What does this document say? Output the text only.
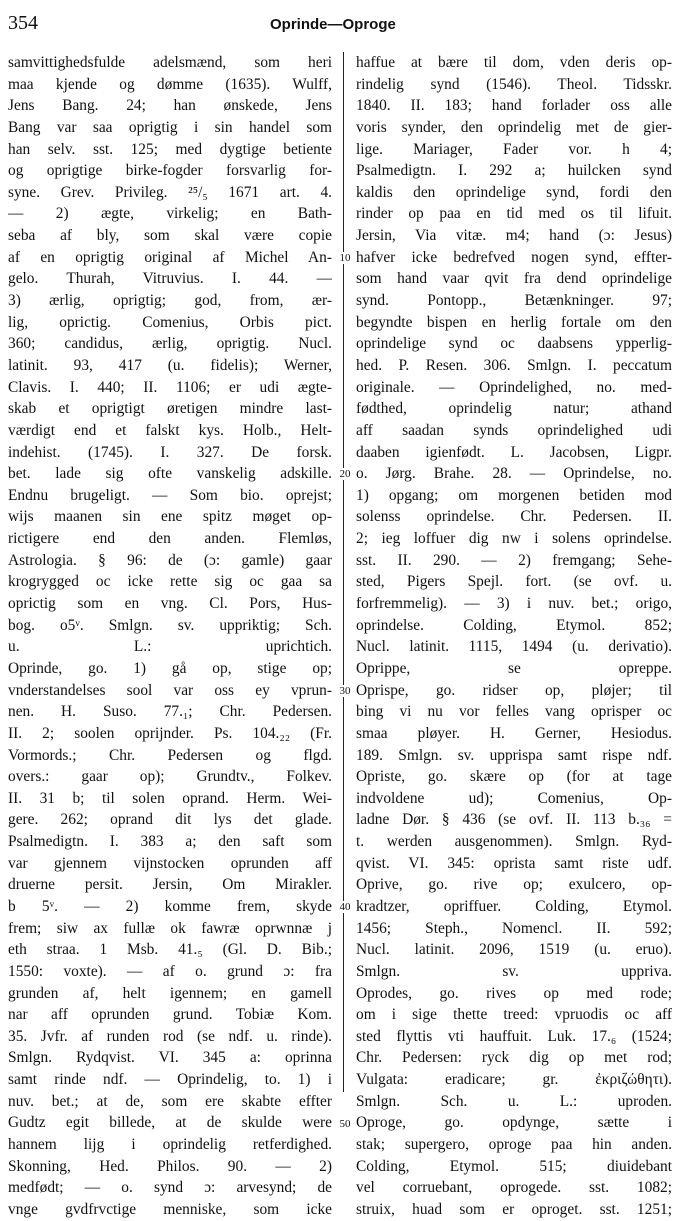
354	Oprinde—Oproge
samvittighedsfulde adelsmænd, som heri
maa kjende og dømme (1635). Wulff,
Jens Bang. 24; han ønskede, Jens
Bang var saa oprigtig i sin handel som
han selv. sst. 125; med dygtige betiente
og oprigtige birke-fogder forsvarlig for-
syne. Grev. Privileg. ²⁵/₅ 1671 art. 4.
— 2) ægte, virkelig; en Bath-
seba af bly, som skal være copie
af en oprigtig original af Michel An-
gelo. Thurah, Vitruvius. I. 44. —
3) ærlig, oprigtig; god, from, ær-
lig, oprictig. Comenius, Orbis pict.
360; candidus, ærlig, oprigtig. Nucl.
latinit. 93, 417 (u. fidelis); Werner,
Clavis. I. 440; II. 1106; er udi ægte-
skab et oprigtigt øretigen mindre last-
værdigt end et falskt kys. Holb., Helt-
indehist. (1745). I. 327. De forsk.
bet. lade sig ofte vanskelig adskille.
Endnu brugeligt. — Som bio. oprejst;
wijs maanen sin ene spitz møget op-
rictigere end den anden. Flemløs,
Astrologia. § 96: de (ɔ: gamle) gaar
krogrygged oc icke rette sig oc gaa sa
oprictig som en vng. Cl. Pors, Hus-
bog. o5ᵛ. Smlgn. sv. uppriktig; Sch.
u. L.: uprichtich.
Oprinde, go. 1) gå op, stige op;
vnderstandelses sool var oss ey vprun-
nen. H. Suso. 77.₁; Chr. Pedersen.
II. 2; soolen oprijnder. Ps. 104.₂₂ (Fr.
Vormords.; Chr. Pedersen og flgd.
overs.: gaar op); Grundtv., Folkev.
II. 31 b; til solen oprand. Herm. Wei-
gere. 262; oprand dit lys det glade.
Psalmedigtn. I. 383 a; den saft som
var gjennem vijnstocken oprunden aff
druerne persit. Jersin, Om Mirakler.
b 5ᵛ. — 2) komme frem, skyde
frem; siw ax fullæ ok fawræ oprwnnæ j
eth straa. 1 Msb. 41.₅ (Gl. D. Bib.;
1550: voxte). — af o. grund ɔ: fra
grunden af, helt igennem; en gamell
nar aff oprunden grund. Tobiæ Kom.
35. Jvfr. af runden rod (se ndf. u. rinde).
Smlgn. Rydqvist. VI. 345 a: oprinna
samt rinde ndf. — Oprindelig, to. 1) i
nuv. bet.; at de, som ere skabte effter
Gudtz egit billede, at de skulde were
hannem lijg i oprindelig retferdighed.
Skonning, Hed. Philos. 90. — 2)
medfødt; — o. synd ɔ: arvesynd; de
vnge gvdfrvctige menniske, som icke
10
20
30
40
50
haffue at bære til dom, vden deris op-
rindelig synd (1546). Theol. Tidsskr.
1840. II. 183; hand forlader oss alle
voris synder, den oprindelig met de gier-
lige. Mariager, Fader vor. h 4;
Psalmedigtn. I. 292 a; huilcken synd
kaldis den oprindelige synd, fordi den
rinder op paa en tid med os til lifuit.
Jersin, Via vitæ. m4; hand (ɔ: Jesus)
hafver icke bedrefved nogen synd, effter-
som hand vaar qvit fra dend oprindelige
synd. Pontopp., Betænkninger. 97;
begyndte bispen en herlig fortale om den
oprindelige synd oc daabsens ypperlig-
hed. P. Resen. 306. Smlgn. I. peccatum
originale. — Oprindelighed, no. med-
fødthed, oprindelig natur; athand
aff saadan synds oprindelighed udi
daaben igienfødt. L. Jacobsen, Ligpr.
o. Jørg. Brahe. 28. — Oprindelse, no.
1) opgang; om morgenen betiden mod
solenss oprindelse. Chr. Pedersen. II.
2; ieg loffuer dig nw i solens oprindelse.
sst. II. 290. — 2) fremgang; Sehe-
sted, Pigers Spejl. fort. (se ovf. u.
forfremmelig). — 3) i nuv. bet.; origo,
oprindelse. Colding, Etymol. 852;
Nucl. latinit. 1115, 1494 (u. derivatio).
Oprippe, se opreppe.
Oprispe, go. ridser op, pløjer; til
bing vi nu vor felles vang oprisper oc
smaa pløyer. H. Gerner, Hesiodus.
189. Smlgn. sv. upprispa samt rispe ndf.
Opriste, go. skære op (for at tage
indvoldene ud); Comenius, Op-
ladne Dør. § 436 (se ovf. II. 113 b.₃₆ =
t. werden ausgenommen). Smlgn. Ryd-
qvist. VI. 345: oprista samt riste udf.
Oprive, go. rive op; exulcero, op-
kradtzer, opriffuer. Colding, Etymol.
1456; Steph., Nomencl. II. 592;
Nucl. latinit. 2096, 1519 (u. eruo).
Smlgn. sv. uppriva.
Oprodes, go. rives op med rode;
om i sige thette treed: vpruodis oc aff
sted flyttis vti hauffuit. Luk. 17.₆ (1524;
Chr. Pedersen: ryck dig op met rod;
Vulgata: eradicare; gr. ἐκριζώθητι).
Smlgn. Sch. u. L.: uproden.
Oproge, go. opdynge, sætte i
stak; supergero, oproge paa hin anden.
Colding, Etymol. 515; diuidebant
vel corruebant, oprogede. sst. 1082;
struix, huad som er oproget. sst. 1251;
